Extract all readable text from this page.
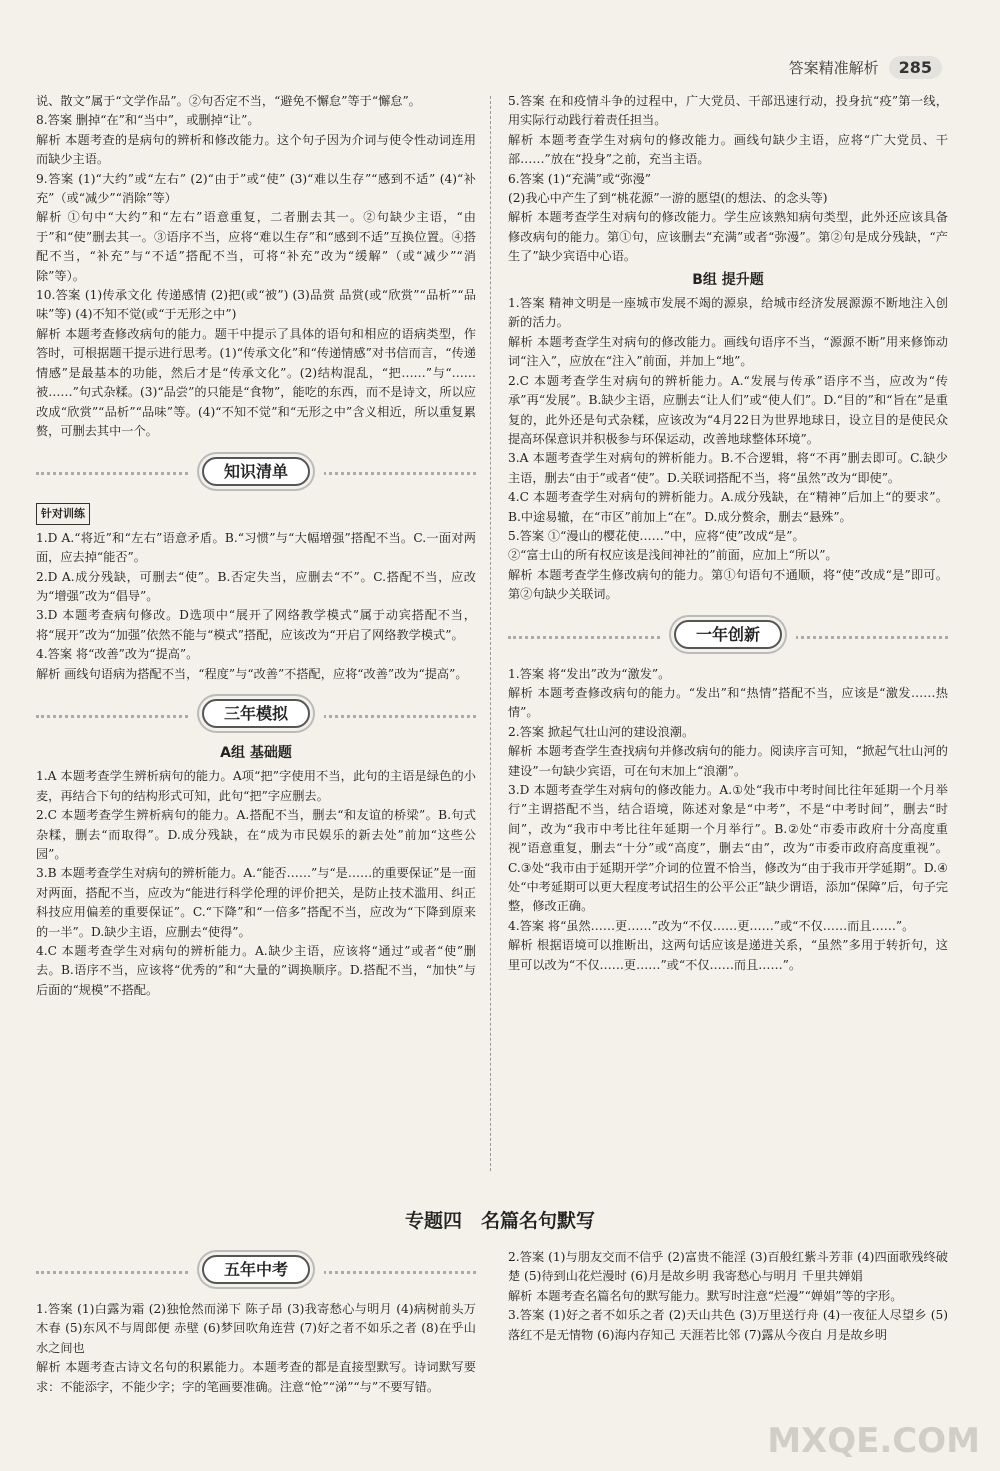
答案精准解析	285

说、散文”属于“文学作品”。②句否定不当，“避免不懈怠”等于“懈怠”。

8.答案 删掉“在”和“当中”，或删掉“让”。

解析 本题考查的是病句的辨析和修改能力。这个句子因为介词与使令性动词连用而缺少主语。

9.答案 (1)“大约”或“左右” (2)“由于”或“使” (3)“难以生存”“感到不适” (4)“补充”（或“减少”“消除”等）

解析 ①句中“大约”和“左右”语意重复，二者删去其一。②句缺少主语，“由于”和“使”删去其一。③语序不当，应将“难以生存”和“感到不适”互换位置。④搭配不当，“补充”与“不适”搭配不当，可将“补充”改为“缓解”（或“减少”“消除”等）。

10.答案 (1)传承文化 传递感情 (2)把(或“被”) (3)品赏 品赏(或“欣赏”“品析”“品味”等) (4)不知不觉(或“于无形之中”)

解析 本题考查修改病句的能力。题干中提示了具体的语句和相应的语病类型，作答时，可根据题干提示进行思考。(1)“传承文化”和“传递情感”对书信而言，“传递情感”是最基本的功能，然后才是“传承文化”。(2)结构混乱，“把……”与“……被……”句式杂糅。(3)“品尝”的只能是“食物”，能吃的东西，而不是诗文，所以应改成“欣赏”“品析”“品味”等。(4)“不知不觉”和“无形之中”含义相近，所以重复累赘，可删去其中一个。

知识清单
针对训练

1.D A.“将近”和“左右”语意矛盾。B.“习惯”与“大幅增强”搭配不当。C.一面对两面，应去掉“能否”。

2.D A.成分残缺，可删去“使”。B.否定失当，应删去“不”。C.搭配不当，应改为“增强”改为“倡导”。

3.D 本题考查病句修改。D选项中“展开了网络教学模式”属于动宾搭配不当，将“展开”改为“加强”依然不能与“模式”搭配，应该改为“开启了网络教学模式”。

4.答案 将“改善”改为“提高”。

解析 画线句语病为搭配不当，“程度”与“改善”不搭配，应将“改善”改为“提高”。

三年模拟
A组 基础题

1.A 本题考查学生辨析病句的能力。A项“把”字使用不当，此句的主语是绿色的小麦，再结合下句的结构形式可知，此句“把”字应删去。

2.C 本题考查学生辨析病句的能力。A.搭配不当，删去“和友谊的桥梁”。B.句式杂糅，删去“而取得”。D.成分残缺，在“成为市民娱乐的新去处”前加“这些公园”。

3.B 本题考查学生对病句的辨析能力。A.“能否……”与“是……的重要保证”是一面对两面，搭配不当，应改为“能进行科学伦理的评价把关，是防止技术滥用、纠正科技应用偏差的重要保证”。C.“下降”和“一倍多”搭配不当，应改为“下降到原来的一半”。D.缺少主语，应删去“使得”。

4.C 本题考查学生对病句的辨析能力。A.缺少主语，应该将“通过”或者“使”删去。B.语序不当，应该将“优秀的”和“大量的”调换顺序。D.搭配不当，“加快”与后面的“规模”不搭配。

5.答案 在和疫情斗争的过程中，广大党员、干部迅速行动，投身抗“疫”第一线，用实际行动践行着责任担当。

解析 本题考查学生对病句的修改能力。画线句缺少主语，应将“广大党员、干部……”放在“投身”之前，充当主语。

6.答案 (1)“充满”或“弥漫”

(2)我心中产生了到“桃花源”一游的愿望(的想法、的念头等)

解析 本题考查学生对病句的修改能力。学生应该熟知病句类型，此外还应该具备修改病句的能力。第①句，应该删去“充满”或者“弥漫”。第②句是成分残缺，“产生了”缺少宾语中心语。

B组 提升题

1.答案 精神文明是一座城市发展不竭的源泉，给城市经济发展源源不断地注入创新的活力。

解析 本题考查学生对病句的修改能力。画线句语序不当，“源源不断”用来修饰动词“注入”，应放在“注入”前面，并加上“地”。

2.C 本题考查学生对病句的辨析能力。A.“发展与传承”语序不当，应改为“传承”再“发展”。B.缺少主语，应删去“让人们”或“使人们”。D.“目的”和“旨在”是重复的，此外还是句式杂糅，应该改为“4月22日为世界地球日，设立目的是使民众提高环保意识并积极参与环保运动，改善地球整体环境”。

3.A 本题考查学生对病句的辨析能力。B.不合逻辑，将“不再”删去即可。C.缺少主语，删去“由于”或者“使”。D.关联词搭配不当，将“虽然”改为“即使”。

4.C 本题考查学生对病句的辨析能力。A.成分残缺，在“精神”后加上“的要求”。B.中途易辙，在“市区”前加上“在”。D.成分赘余，删去“悬殊”。

5.答案 ①“漫山的樱花使……”中，应将“使”改成“是”。

②“富士山的所有权应该是浅间神社的”前面，应加上“所以”。

解析 本题考查学生修改病句的能力。第①句语句不通顺，将“使”改成“是”即可。第②句缺少关联词。

一年创新

1.答案 将“发出”改为“激发”。

解析 本题考查修改病句的能力。“发出”和“热情”搭配不当，应该是“激发……热情”。

2.答案 掀起气壮山河的建设浪潮。

解析 本题考查学生查找病句并修改病句的能力。阅读序言可知，“掀起气壮山河的建设”一句缺少宾语，可在句末加上“浪潮”。

3.D 本题考查学生对病句的修改能力。A.①处“我市中考时间比往年延期一个月举行”主谓搭配不当，结合语境，陈述对象是“中考”，不是“中考时间”，删去“时间”，改为“我市中考比往年延期一个月举行”。B.②处“市委市政府十分高度重视”语意重复，删去“十分”或“高度”，删去“由”，改为“市委市政府高度重视”。C.③处“我市由于延期开学”介词的位置不恰当，修改为“由于我市开学延期”。D.④处“中考延期可以更大程度考试招生的公平公正”缺少谓语，添加“保障”后，句子完整，修改正确。

4.答案 将“虽然……更……”改为“不仅……更……”或“不仅……而且……”。

解析 根据语境可以推断出，这两句话应该是递进关系，“虽然”多用于转折句，这里可以改为“不仅……更……”或“不仅……而且……”。

专题四　名篇名句默写
五年中考

1.答案 (1)白露为霜 (2)独怆然而涕下 陈子昂 (3)我寄愁心与明月 (4)病树前头万木春 (5)东风不与周郎便 赤壁 (6)梦回吹角连营 (7)好之者不如乐之者 (8)在乎山水之间也

解析 本题考查古诗文名句的积累能力。本题考查的都是直接型默写。诗词默写要求：不能添字，不能少字；字的笔画要准确。注意“怆”“涕”“与”不要写错。

2.答案 (1)与朋友交而不信乎 (2)富贵不能淫 (3)百般红紫斗芳菲 (4)四面歌残终破楚 (5)待到山花烂漫时 (6)月是故乡明 我寄愁心与明月 千里共婵娟

解析 本题考查名篇名句的默写能力。默写时注意“烂漫”“婵娟”等的字形。

3.答案 (1)好之者不如乐之者 (2)天山共色 (3)万里送行舟 (4)一夜征人尽望乡 (5)落红不是无情物 (6)海内存知己 天涯若比邻 (7)露从今夜白 月是故乡明

MXQE.COM
